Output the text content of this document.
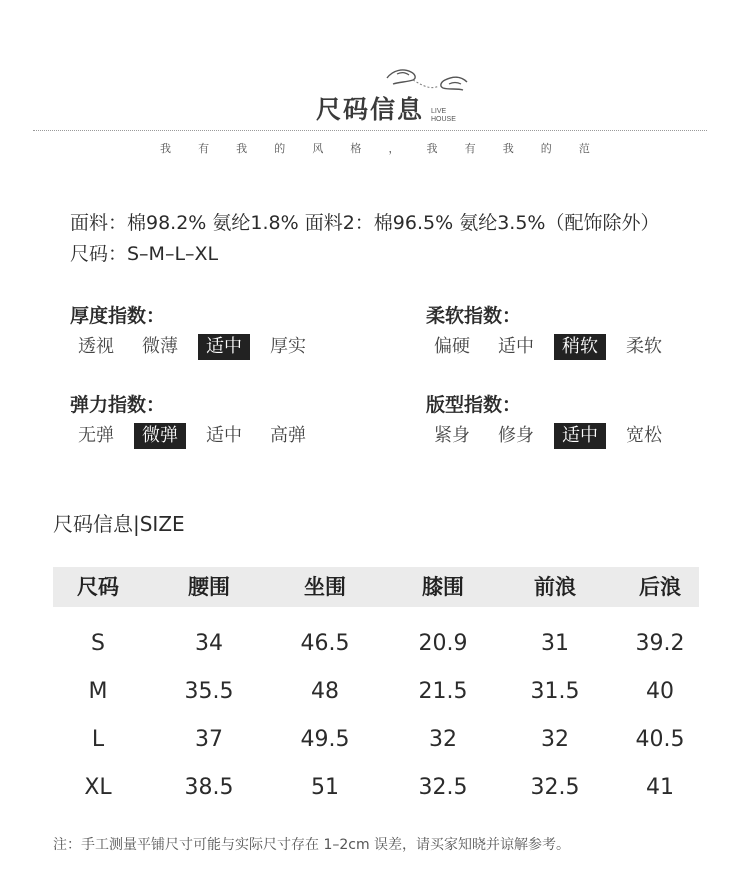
尺码信息 LIVE
HOUSE
我 有 我 的 风 格 ， 我 有 我 的 范
面料：棉98.2% 氨纶1.8% 面料2：棉96.5% 氨纶3.5%（配饰除外）
尺码：S–M–L–XL
厚度指数：
透视	微薄	适中	厚实
柔软指数：
偏硬	适中	稍软	柔软
弹力指数：
无弹	微弹	适中	高弹
版型指数：
紧身	修身	适中	宽松
尺码信息|SIZE
尺码	腰围	坐围	膝围	前浪	后浪
S	34	46.5	20.9	31	39.2
M	35.5	48	21.5	31.5	40
L	37	49.5	32	32	40.5
XL	38.5	51	32.5	32.5	41
注：手工测量平铺尺寸可能与实际尺寸存在 1–2cm 误差，请买家知晓并谅解参考。
